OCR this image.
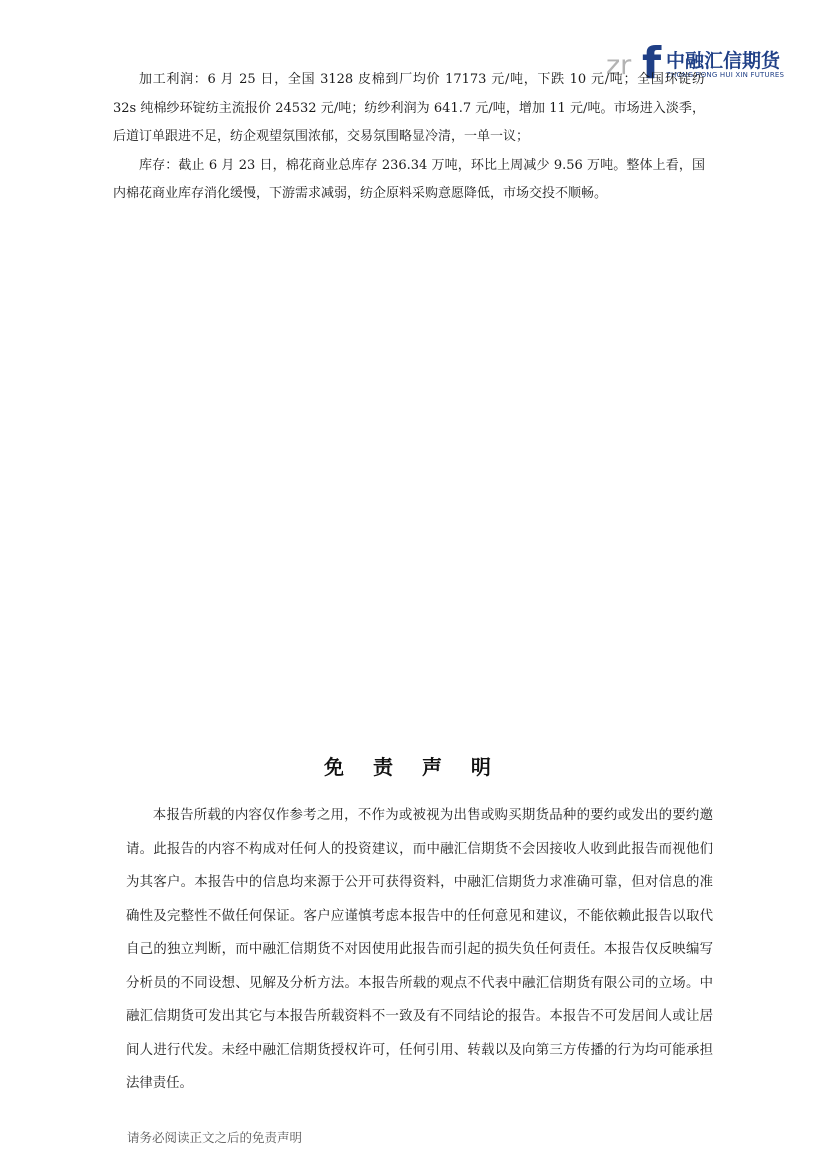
zr f 中融汇信期货
ZHONG RONG HUI XIN FUTURES

加工利润：6 月 25 日，全国 3128 皮棉到厂均价 17173 元/吨，下跌 10 元/吨；全国环锭纺 32s 纯棉纱环锭纺主流报价 24532 元/吨；纺纱利润为 641.7 元/吨，增加 11 元/吨。市场进入淡季，后道订单跟进不足，纺企观望氛围浓郁，交易氛围略显冷清，一单一议；

库存：截止 6 月 23 日，棉花商业总库存 236.34 万吨，环比上周减少 9.56 万吨。整体上看，国内棉花商业库存消化缓慢，下游需求减弱，纺企原料采购意愿降低，市场交投不顺畅。

免 责 声 明

本报告所载的内容仅作参考之用，不作为或被视为出售或购买期货品种的要约或发出的要约邀请。此报告的内容不构成对任何人的投资建议，而中融汇信期货不会因接收人收到此报告而视他们为其客户。本报告中的信息均来源于公开可获得资料，中融汇信期货力求准确可靠，但对信息的准确性及完整性不做任何保证。客户应谨慎考虑本报告中的任何意见和建议，不能依赖此报告以取代自己的独立判断，而中融汇信期货不对因使用此报告而引起的损失负任何责任。本报告仅反映编写分析员的不同设想、见解及分析方法。本报告所载的观点不代表中融汇信期货有限公司的立场。中融汇信期货可发出其它与本报告所载资料不一致及有不同结论的报告。本报告不可发居间人或让居间人进行代发。未经中融汇信期货授权许可，任何引用、转载以及向第三方传播的行为均可能承担法律责任。

请务必阅读正文之后的免责声明
